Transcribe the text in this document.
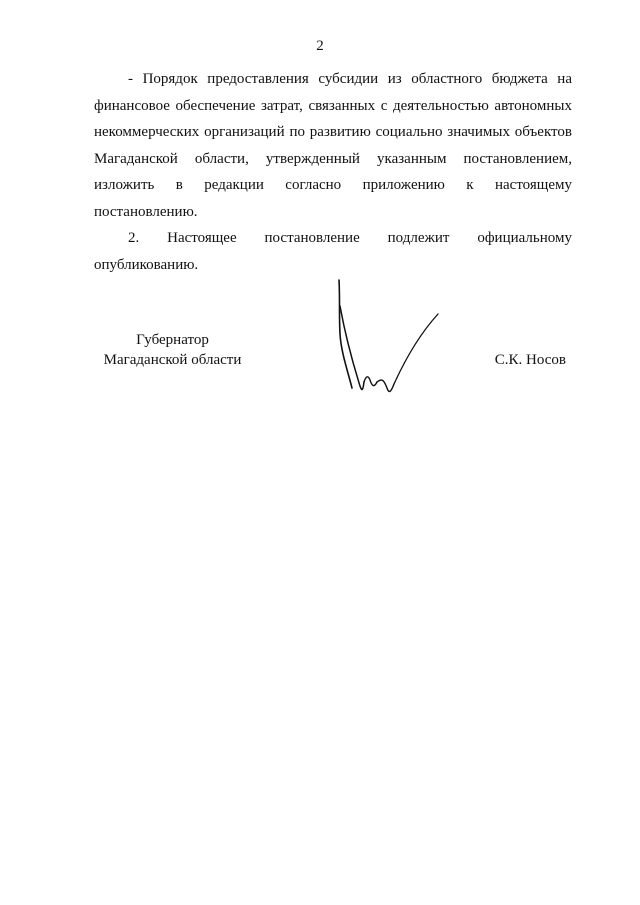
2

- Порядок предоставления субсидии из областного бюджета на финансовое обеспечение затрат, связанных с деятельностью автономных некоммерческих организаций по развитию социально значимых объектов Магаданской области, утвержденный указанным постановлением, изложить в редакции согласно приложению к настоящему постановлению.

2. Настоящее постановление подлежит официальному опубликованию.

Губернатор
Магаданской области	С.К. Носов
